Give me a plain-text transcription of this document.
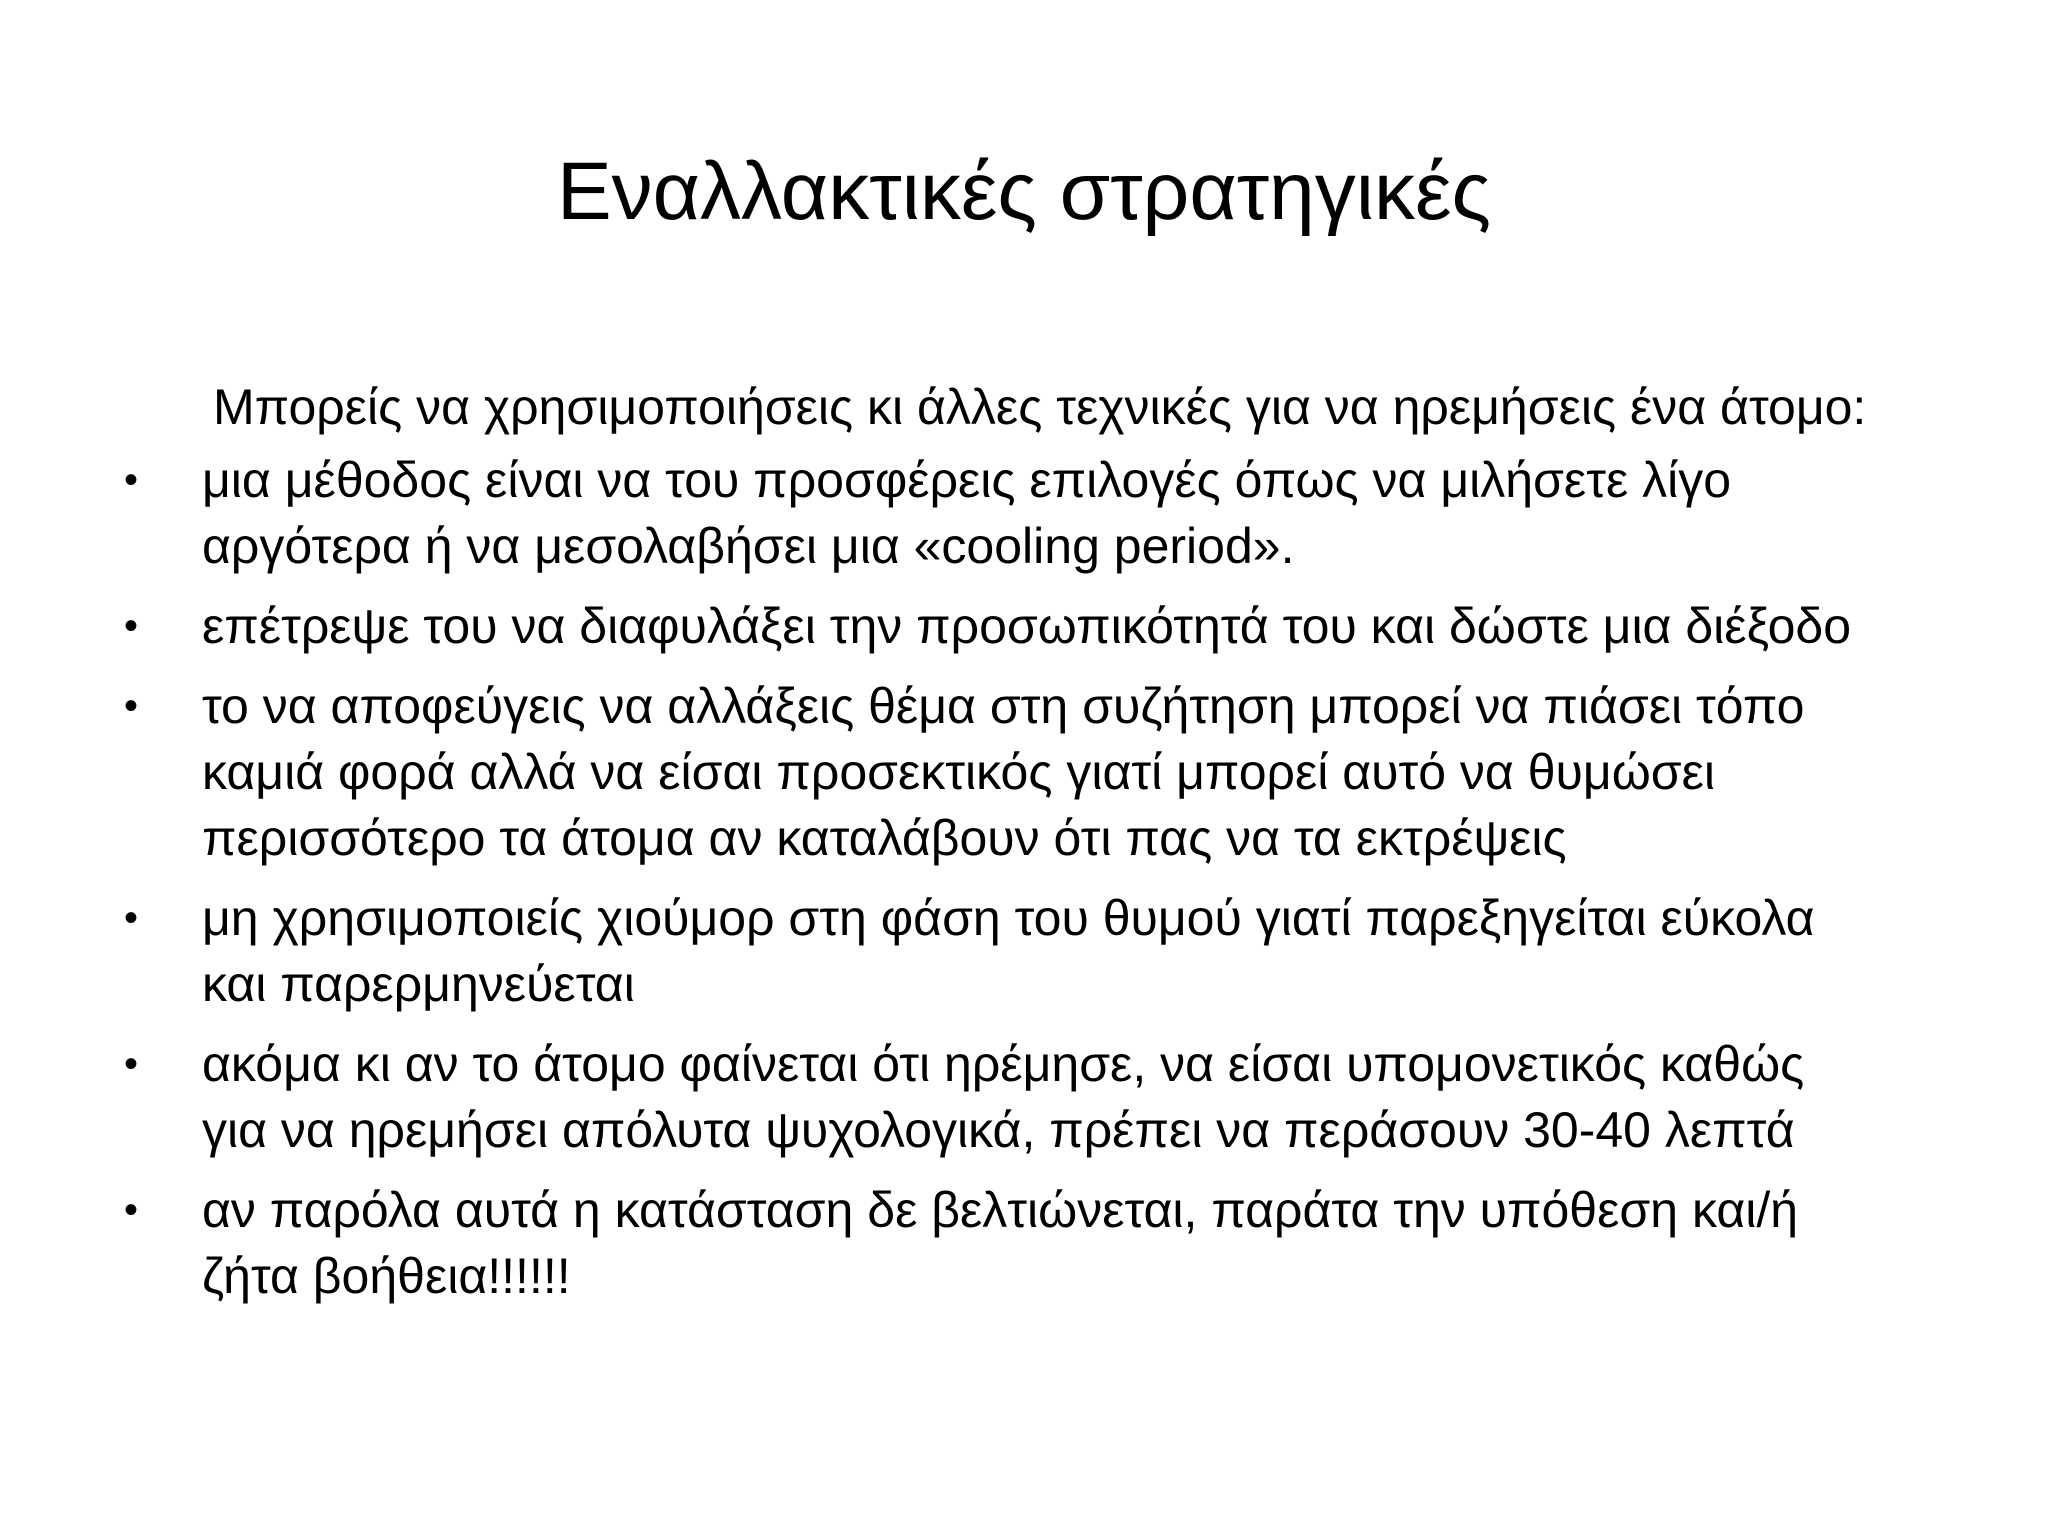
Εναλλακτικές στρατηγικές

Μπορείς να χρησιμοποιήσεις κι άλλες τεχνικές για να ηρεμήσεις ένα άτομο:

• μια μέθοδος είναι να του προσφέρεις επιλογές όπως να μιλήσετε λίγο
αργότερα ή να μεσολαβήσει μια «cooling period».
• επέτρεψε του να διαφυλάξει την προσωπικότητά του και δώστε μια διέξοδο
• το να αποφεύγεις να αλλάξεις θέμα στη συζήτηση μπορεί να πιάσει τόπο
καμιά φορά αλλά να είσαι προσεκτικός γιατί μπορεί αυτό να θυμώσει
περισσότερο τα άτομα αν καταλάβουν ότι πας να τα εκτρέψεις
• μη χρησιμοποιείς χιούμορ στη φάση του θυμού γιατί παρεξηγείται εύκολα
και παρερμηνεύεται
• ακόμα κι αν το άτομο φαίνεται ότι ηρέμησε, να είσαι υπομονετικός καθώς
για να ηρεμήσει απόλυτα ψυχολογικά, πρέπει να περάσουν 30-40 λεπτά
• αν παρόλα αυτά η κατάσταση δε βελτιώνεται, παράτα την υπόθεση και/ή
ζήτα βοήθεια!!!!!!
